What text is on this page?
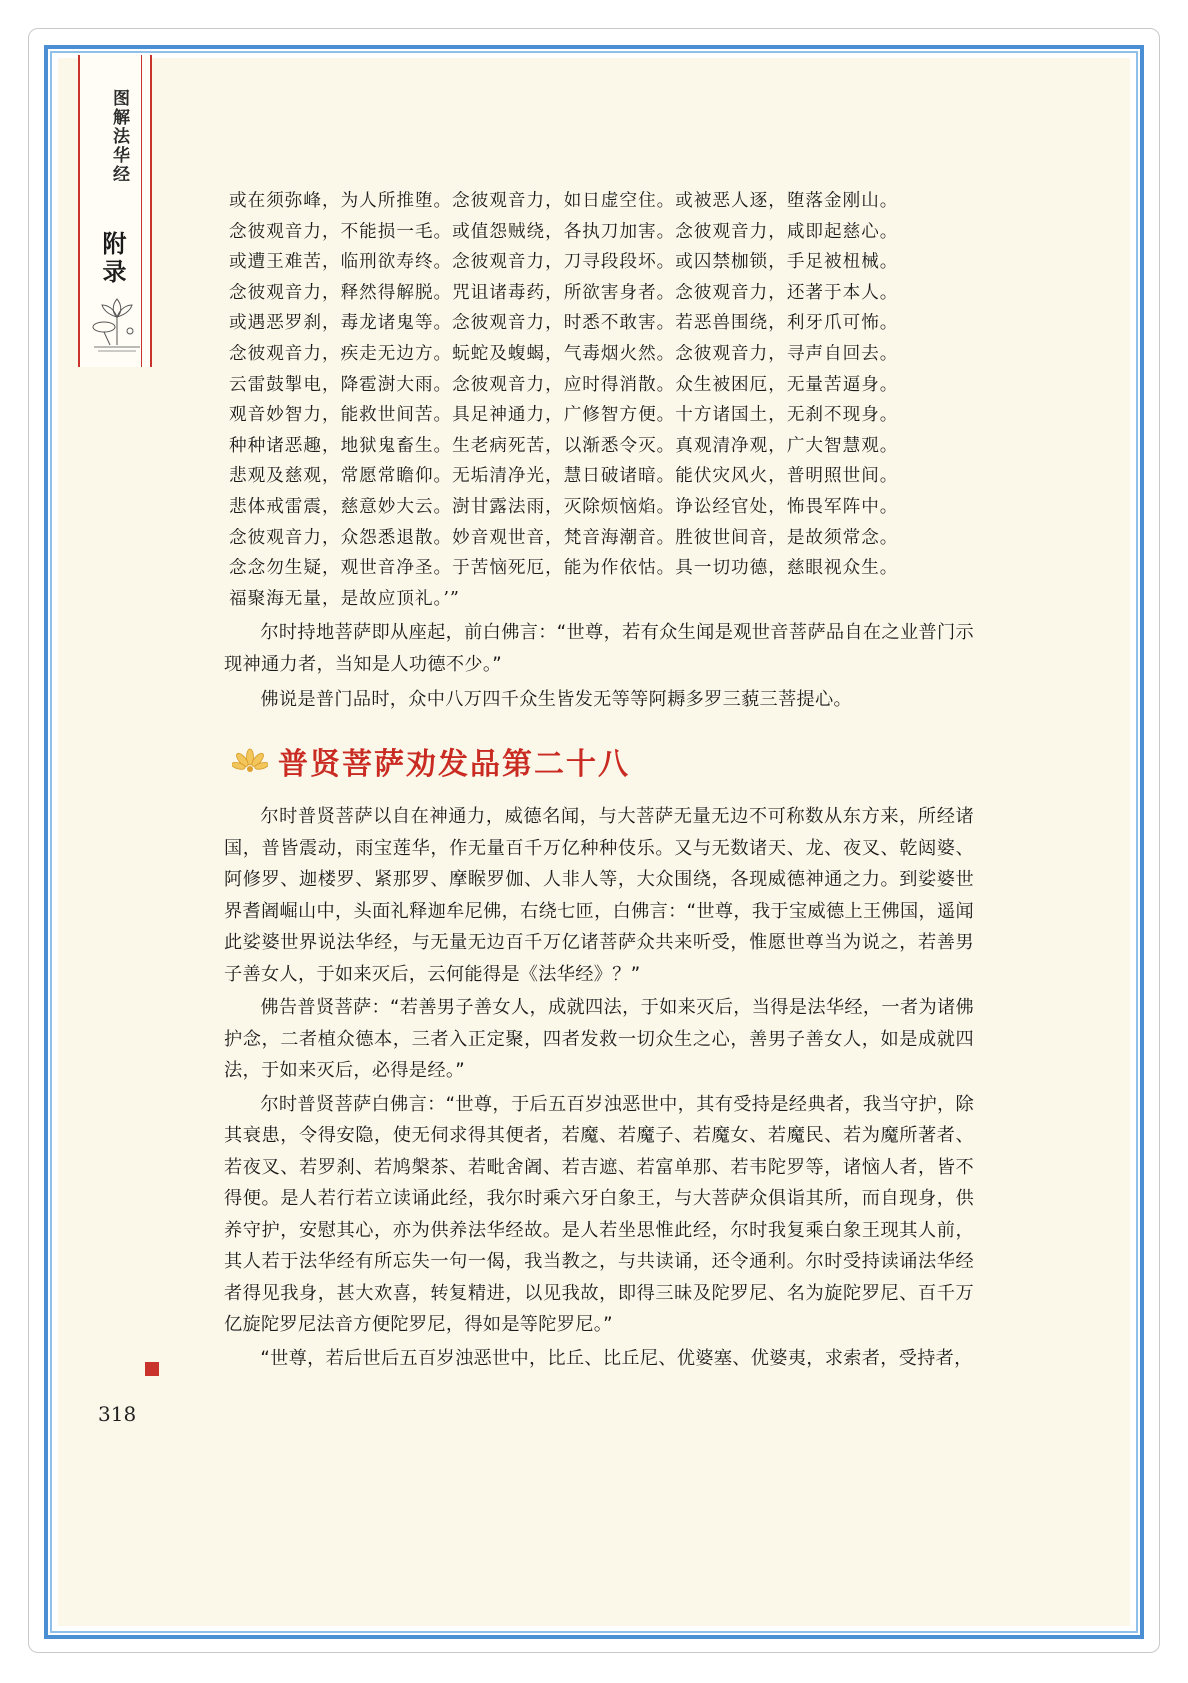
图解法华经
附录
或在须弥峰，为人所推堕。念彼观音力，如日虚空住。或被恶人逐，堕落金刚山。
念彼观音力，不能损一毛。或值怨贼绕，各执刀加害。念彼观音力，咸即起慈心。
或遭王难苦，临刑欲寿终。念彼观音力，刀寻段段坏。或囚禁枷锁，手足被杻械。
念彼观音力，释然得解脱。咒诅诸毒药，所欲害身者。念彼观音力，还著于本人。
或遇恶罗刹，毒龙诸鬼等。念彼观音力，时悉不敢害。若恶兽围绕，利牙爪可怖。
念彼观音力，疾走无边方。蚖蛇及蝮蝎，气毒烟火然。念彼观音力，寻声自回去。
云雷鼓掣电，降雹澍大雨。念彼观音力，应时得消散。众生被困厄，无量苦逼身。
观音妙智力，能救世间苦。具足神通力，广修智方便。十方诸国土，无刹不现身。
种种诸恶趣，地狱鬼畜生。生老病死苦，以渐悉令灭。真观清净观，广大智慧观。
悲观及慈观，常愿常瞻仰。无垢清净光，慧日破诸暗。能伏灾风火，普明照世间。
悲体戒雷震，慈意妙大云。澍甘露法雨，灭除烦恼焰。诤讼经官处，怖畏军阵中。
念彼观音力，众怨悉退散。妙音观世音，梵音海潮音。胜彼世间音，是故须常念。
念念勿生疑，观世音净圣。于苦恼死厄，能为作依怙。具一切功德，慈眼视众生。
福聚海无量，是故应顶礼。’”

尔时持地菩萨即从座起，前白佛言：“世尊，若有众生闻是观世音菩萨品自在之业普门示现神通力者，当知是人功德不少。”

佛说是普门品时，众中八万四千众生皆发无等等阿耨多罗三藐三菩提心。

普贤菩萨劝发品第二十八

尔时普贤菩萨以自在神通力，威德名闻，与大菩萨无量无边不可称数从东方来，所经诸国，普皆震动，雨宝莲华，作无量百千万亿种种伎乐。又与无数诸天、龙、夜叉、乾闼婆、阿修罗、迦楼罗、紧那罗、摩睺罗伽、人非人等，大众围绕，各现威德神通之力。到娑婆世界耆阇崛山中，头面礼释迦牟尼佛，右绕七匝，白佛言：“世尊，我于宝威德上王佛国，遥闻此娑婆世界说法华经，与无量无边百千万亿诸菩萨众共来听受，惟愿世尊当为说之，若善男子善女人，于如来灭后，云何能得是《法华经》？”

佛告普贤菩萨：“若善男子善女人，成就四法，于如来灭后，当得是法华经，一者为诸佛护念，二者植众德本，三者入正定聚，四者发救一切众生之心，善男子善女人，如是成就四法，于如来灭后，必得是经。”

尔时普贤菩萨白佛言：“世尊，于后五百岁浊恶世中，其有受持是经典者，我当守护，除其衰患，令得安隐，使无伺求得其便者，若魔、若魔子、若魔女、若魔民、若为魔所著者、若夜叉、若罗刹、若鸠槃茶、若毗舍阇、若吉遮、若富单那、若韦陀罗等，诸恼人者，皆不得便。是人若行若立读诵此经，我尔时乘六牙白象王，与大菩萨众俱诣其所，而自现身，供养守护，安慰其心，亦为供养法华经故。是人若坐思惟此经，尔时我复乘白象王现其人前，其人若于法华经有所忘失一句一偈，我当教之，与共读诵，还令通利。尔时受持读诵法华经者得见我身，甚大欢喜，转复精进，以见我故，即得三昧及陀罗尼、名为旋陀罗尼、百千万亿旋陀罗尼法音方便陀罗尼，得如是等陀罗尼。”

“世尊，若后世后五百岁浊恶世中，比丘、比丘尼、优婆塞、优婆夷，求索者，受持者，

318
